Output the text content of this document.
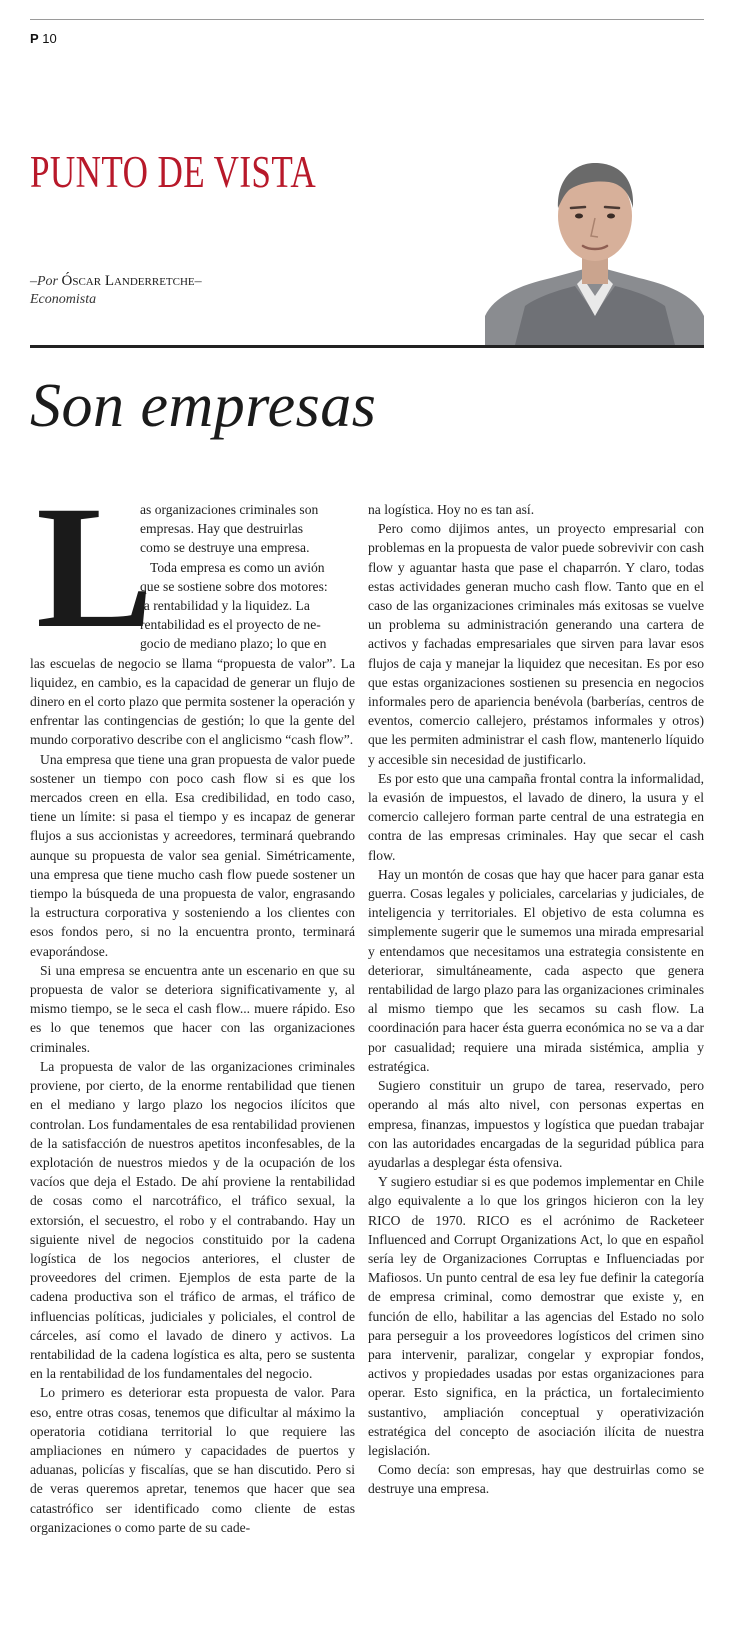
P 10
PUNTO DE VISTA
–Por Óscar Landerretche–
Economista
Son empresas
L

as organizaciones criminales son

empresas. Hay que destruirlas

como se destruye una empresa.

Toda empresa es como un avión

que se sostiene sobre dos motores:

la rentabilidad y la liquidez. La

rentabilidad es el proyecto de ne-

gocio de mediano plazo; lo que en

las escuelas de negocio se llama “propuesta de valor”. La liquidez, en cambio, es la capacidad de generar un flujo de dinero en el corto plazo que permita sostener la operación y enfrentar las contingencias de gestión; lo que la gente del mundo corporativo describe con el anglicismo “cash flow”.

Una empresa que tiene una gran propuesta de valor puede sostener un tiempo con poco cash flow si es que los mercados creen en ella. Esa credibilidad, en todo caso, tiene un límite: si pasa el tiempo y es incapaz de generar flujos a sus accionistas y acreedores, terminará quebrando aunque su propuesta de valor sea genial. Simétricamente, una empresa que tiene mucho cash flow puede sostener un tiempo la búsqueda de una propuesta de valor, engrasando la estructura corporativa y sosteniendo a los clientes con esos fondos pero, si no la encuentra pronto, terminará evaporándose.

Si una empresa se encuentra ante un escenario en que su propuesta de valor se deteriora significativamente y, al mismo tiempo, se le seca el cash flow... muere rápido. Eso es lo que tenemos que hacer con las organizaciones criminales.

La propuesta de valor de las organizaciones criminales proviene, por cierto, de la enorme rentabilidad que tienen en el mediano y largo plazo los negocios ilícitos que controlan. Los fundamentales de esa rentabilidad provienen de la satisfacción de nuestros apetitos inconfesables, de la explotación de nuestros miedos y de la ocupación de los vacíos que deja el Estado. De ahí proviene la rentabilidad de cosas como el narcotráfico, el tráfico sexual, la extorsión, el secuestro, el robo y el contrabando. Hay un siguiente nivel de negocios constituido por la cadena logística de los negocios anteriores, el cluster de proveedores del crimen. Ejemplos de esta parte de la cadena productiva son el tráfico de armas, el tráfico de influencias políticas, judiciales y policiales, el control de cárceles, así como el lavado de dinero y activos. La rentabilidad de la cadena logística es alta, pero se sustenta en la rentabilidad de los fundamentales del negocio.

Lo primero es deteriorar esta propuesta de valor. Para eso, entre otras cosas, tenemos que dificultar al máximo la operatoria cotidiana territorial lo que requiere las ampliaciones en número y capacidades de puertos y aduanas, policías y fiscalías, que se han discutido. Pero si de veras queremos apretar, tenemos que hacer que sea catastrófico ser identificado como cliente de estas organizaciones o como parte de su cade-

na logística. Hoy no es tan así.

Pero como dijimos antes, un proyecto empresarial con problemas en la propuesta de valor puede sobrevivir con cash flow y aguantar hasta que pase el chaparrón. Y claro, todas estas actividades generan mucho cash flow. Tanto que en el caso de las organizaciones criminales más exitosas se vuelve un problema su administración generando una cartera de activos y fachadas empresariales que sirven para lavar esos flujos de caja y manejar la liquidez que necesitan. Es por eso que estas organizaciones sostienen su presencia en negocios informales pero de apariencia benévola (barberías, centros de eventos, comercio callejero, préstamos informales y otros) que les permiten administrar el cash flow, mantenerlo líquido y accesible sin necesidad de justificarlo.

Es por esto que una campaña frontal contra la informalidad, la evasión de impuestos, el lavado de dinero, la usura y el comercio callejero forman parte central de una estrategia en contra de las empresas criminales. Hay que secar el cash flow.

Hay un montón de cosas que hay que hacer para ganar esta guerra. Cosas legales y policiales, carcelarias y judiciales, de inteligencia y territoriales. El objetivo de esta columna es simplemente sugerir que le sumemos una mirada empresarial y entendamos que necesitamos una estrategia consistente en deteriorar, simultáneamente, cada aspecto que genera rentabilidad de largo plazo para las organizaciones criminales al mismo tiempo que les secamos su cash flow. La coordinación para hacer ésta guerra económica no se va a dar por casualidad; requiere una mirada sistémica, amplia y estratégica.

Sugiero constituir un grupo de tarea, reservado, pero operando al más alto nivel, con personas expertas en empresa, finanzas, impuestos y logística que puedan trabajar con las autoridades encargadas de la seguridad pública para ayudarlas a desplegar ésta ofensiva.

Y sugiero estudiar si es que podemos implementar en Chile algo equivalente a lo que los gringos hicieron con la ley RICO de 1970. RICO es el acrónimo de Racketeer Influenced and Corrupt Organizations Act, lo que en español sería ley de Organizaciones Corruptas e Influenciadas por Mafiosos. Un punto central de esa ley fue definir la categoría de empresa criminal, como demostrar que existe y, en función de ello, habilitar a las agencias del Estado no solo para perseguir a los proveedores logísticos del crimen sino para intervenir, paralizar, congelar y expropiar fondos, activos y propiedades usadas por estas organizaciones para operar. Esto significa, en la práctica, un fortalecimiento sustantivo, ampliación conceptual y operativización estratégica del concepto de asociación ilícita de nuestra legislación.

Como decía: son empresas, hay que destruirlas como se destruye una empresa.
